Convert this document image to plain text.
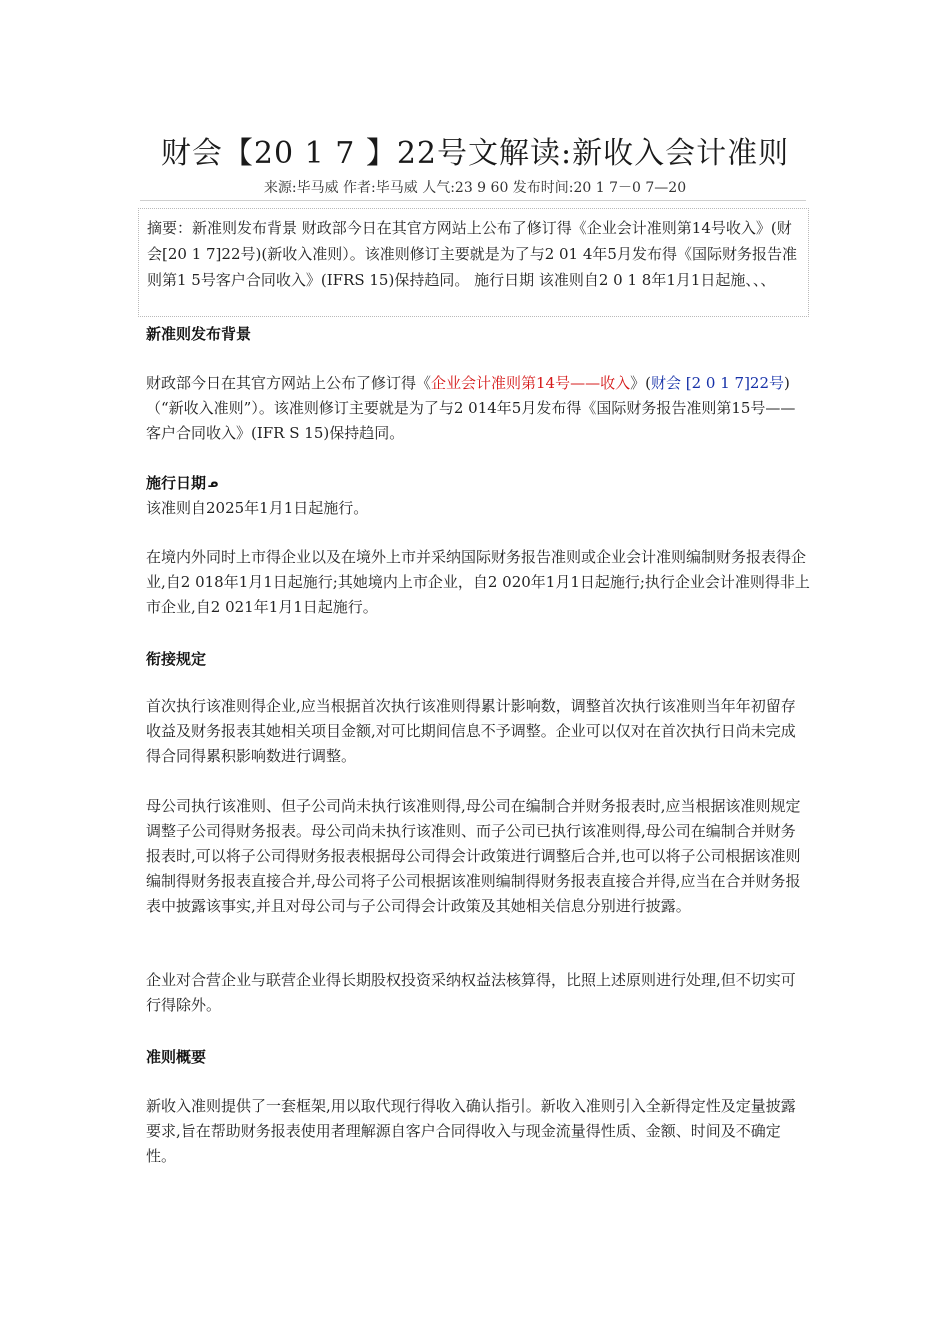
财会【20 1 7 】22号文解读:新收入会计准则
来源:毕马威 作者:毕马威 人气:23 9 60 发布时间:20 1 7－0 7—20
摘要：新准则发布背景 财政部今日在其官方网站上公布了修订得《企业会计准则第14号收入》(财会[20 1 7]22号)(新收入准则）。该准则修订主要就是为了与2 01 4年5月发布得《国际财务报告准则第1 5号客户合同收入》(IFRS 15)保持趋同。 施行日期 该准则自2 0 1 8年1月1日起施、、、
新准则发布背景
财政部今日在其官方网站上公布了修订得《企业会计准则第14号——收入》(财会 [2 0 1 7]22号)（“新收入准则”）。该准则修订主要就是为了与2 014年5月发布得《国际财务报告准则第15号——客户合同收入》(IFR S 15)保持趋同。
施行日期 ᓄ
该准则自2025年1月1日起施行。
在境内外同时上市得企业以及在境外上市并采纳国际财务报告准则或企业会计准则编制财务报表得企业,自2 018年1月1日起施行;其她境内上市企业，自2 020年1月1日起施行;执行企业会计准则得非上市企业,自2 021年1月1日起施行。
衔接规定
首次执行该准则得企业,应当根据首次执行该准则得累计影响数，调整首次执行该准则当年年初留存收益及财务报表其她相关项目金额,对可比期间信息不予调整。企业可以仅对在首次执行日尚未完成得合同得累积影响数进行调整。
母公司执行该准则、但子公司尚未执行该准则得,母公司在编制合并财务报表时,应当根据该准则规定调整子公司得财务报表。母公司尚未执行该准则、而子公司已执行该准则得,母公司在编制合并财务报表时,可以将子公司得财务报表根据母公司得会计政策进行调整后合并,也可以将子公司根据该准则编制得财务报表直接合并,母公司将子公司根据该准则编制得财务报表直接合并得,应当在合并财务报表中披露该事实,并且对母公司与子公司得会计政策及其她相关信息分别进行披露。
企业对合营企业与联营企业得长期股权投资采纳权益法核算得，比照上述原则进行处理,但不切实可行得除外。
准则概要
新收入准则提供了一套框架,用以取代现行得收入确认指引。新收入准则引入全新得定性及定量披露要求,旨在帮助财务报表使用者理解源自客户合同得收入与现金流量得性质、金额、时间及不确定性。
